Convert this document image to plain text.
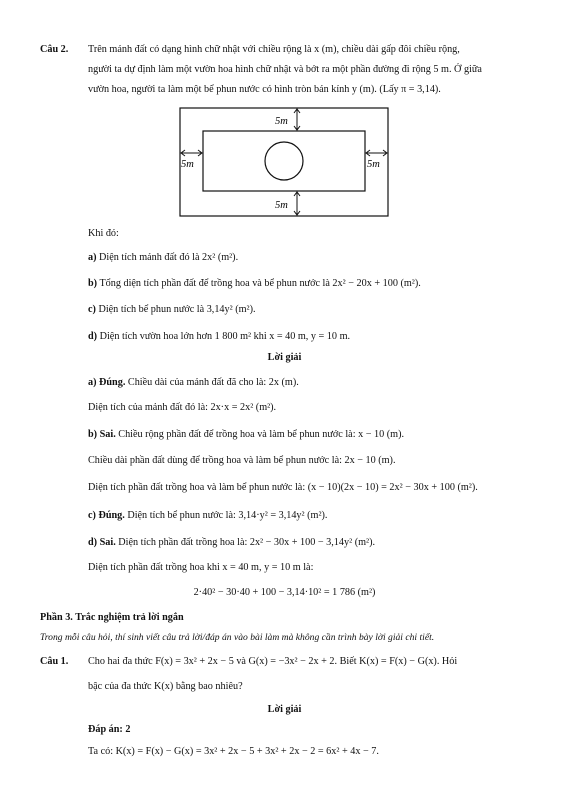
Câu 2. Trên mảnh đất có dạng hình chữ nhật với chiều rộng là x (m), chiều dài gấp đôi chiều rộng,
người ta dự định làm một vườn hoa hình chữ nhật và bớt ra một phần đường đi rộng 5 m. Ở giữa
vườn hoa, người ta làm một bể phun nước có hình tròn bán kính y (m). (Lấy π = 3,14).
5m
5m
5m	5m
Khi đó:
a) Diện tích mảnh đất đó là 2x² (m²).
b) Tổng diện tích phần đất để trồng hoa và bể phun nước là 2x² − 20x + 100 (m²).
c) Diện tích bể phun nước là 3,14y² (m²).
d) Diện tích vườn hoa lớn hơn 1 800 m² khi x = 40 m, y = 10 m.
Lời giải
a) Đúng. Chiều dài của mảnh đất đã cho là: 2x (m).
Diện tích của mảnh đất đó là: 2x·x = 2x² (m²).
b) Sai. Chiều rộng phần đất để trồng hoa và làm bể phun nước là: x − 10 (m).
Chiều dài phần đất dùng để trồng hoa và làm bể phun nước là: 2x − 10 (m).
Diện tích phần đất trồng hoa và làm bể phun nước là: (x − 10)(2x − 10) = 2x² − 30x + 100 (m²).
c) Đúng. Diện tích bể phun nước là: 3,14·y² = 3,14y² (m²).
d) Sai. Diện tích phần đất trồng hoa là: 2x² − 30x + 100 − 3,14y² (m²).
Diện tích phần đất trồng hoa khi x = 40 m, y = 10 m là:
2·40² − 30·40 + 100 − 3,14·10² = 1 786 (m²)
Phần 3. Trắc nghiệm trả lời ngắn
Trong mỗi câu hỏi, thí sinh viết câu trả lời/đáp án vào bài làm mà không cần trình bày lời giải chi tiết.
Câu 1. Cho hai đa thức F(x) = 3x² + 2x − 5 và G(x) = −3x² − 2x + 2. Biết K(x) = F(x) − G(x). Hỏi
bậc của đa thức K(x) bằng bao nhiêu?
Lời giải
Đáp án: 2
Ta có: K(x) = F(x) − G(x) = 3x² + 2x − 5 + 3x² + 2x − 2 = 6x² + 4x − 7.
